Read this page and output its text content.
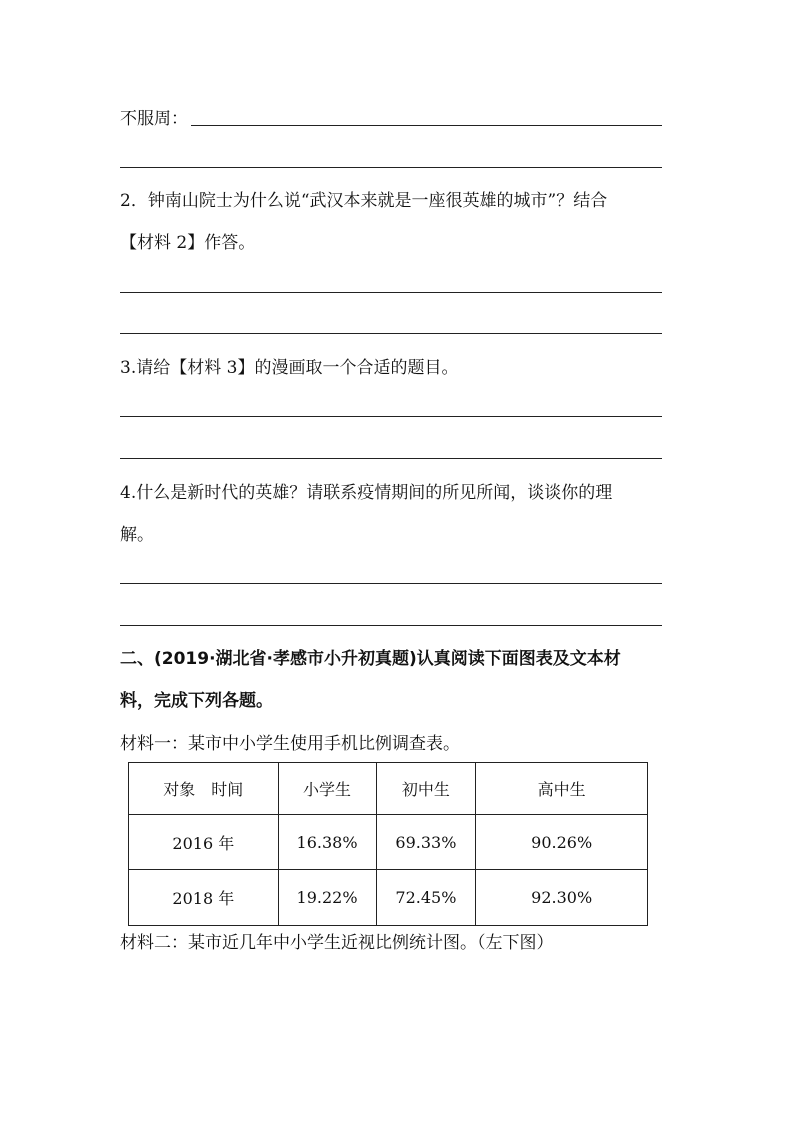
不服周：
2．钟南山院士为什么说“武汉本来就是一座很英雄的城市”？结合
【材料 2】作答。
3.请给【材料 3】的漫画取一个合适的题目。
4.什么是新时代的英雄？请联系疫情期间的所见所闻，谈谈你的理
解。
二、(2019·湖北省·孝感市小升初真题)认真阅读下面图表及文本材
料，完成下列各题。
材料一：某市中小学生使用手机比例调查表。
对象　时间	小学生	初中生	高中生
2016 年	16.38%	69.33%	90.26%
2018 年	19.22%	72.45%	92.30%
材料二：某市近几年中小学生近视比例统计图。（左下图）
